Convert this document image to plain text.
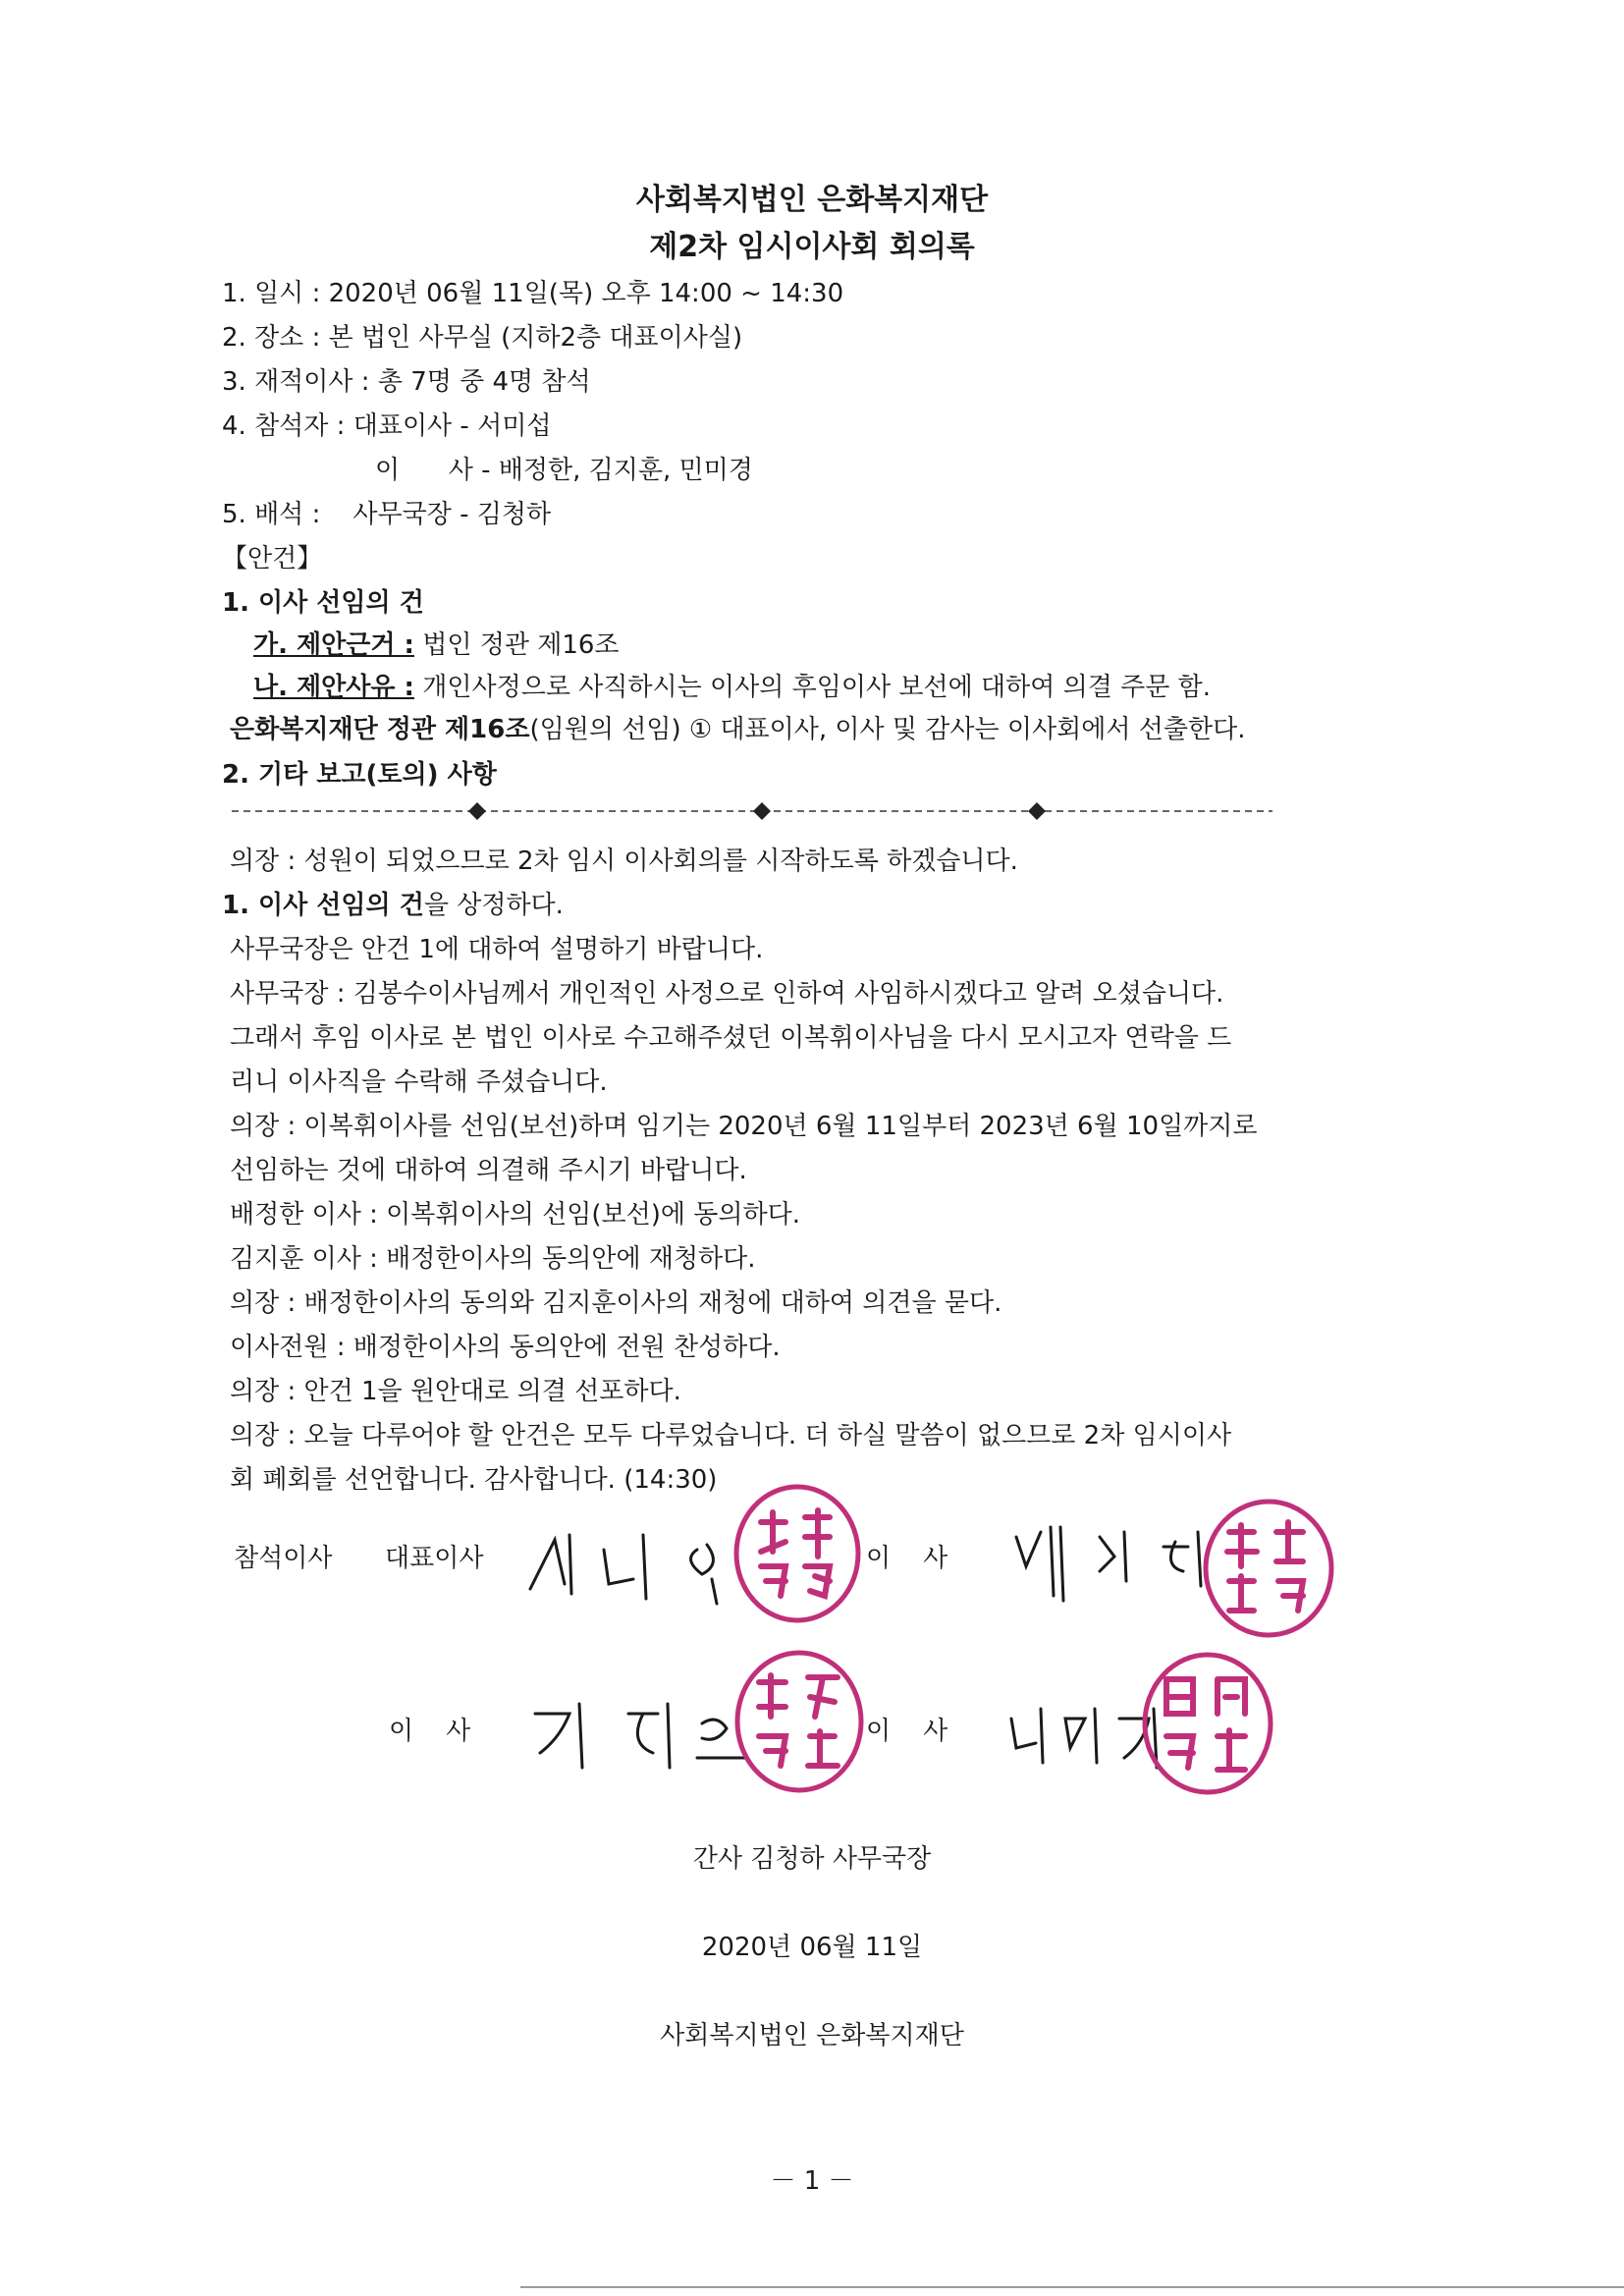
사회복지법인 은화복지재단
제2차 임시이사회 회의록
1. 일시 : 2020년 06월 11일(목) 오후 14:00 ~ 14:30
2. 장소 : 본 법인 사무실 (지하2층 대표이사실)
3. 재적이사 : 총 7명 중 4명 참석
4. 참석자 : 대표이사 - 서미섭
이      사 - 배정한, 김지훈, 민미경
5. 배석 :    사무국장 - 김청하
【안건】
1. 이사 선임의 건
가. 제안근거 : 법인 정관 제16조
나. 제안사유 : 개인사정으로 사직하시는 이사의 후임이사 보선에 대하여 의결 주문 함.
은화복지재단 정관 제16조(임원의 선임) ① 대표이사, 이사 및 감사는 이사회에서 선출한다.
2. 기타 보고(토의) 사항
의장 : 성원이 되었으므로 2차 임시 이사회의를 시작하도록 하겠습니다.
1. 이사 선임의 건을 상정하다.
사무국장은 안건 1에 대하여 설명하기 바랍니다.
사무국장 : 김봉수이사님께서 개인적인 사정으로 인하여 사임하시겠다고 알려 오셨습니다.
그래서 후임 이사로 본 법인 이사로 수고해주셨던 이복휘이사님을 다시 모시고자 연락을 드
리니 이사직을 수락해 주셨습니다.
의장 : 이복휘이사를 선임(보선)하며 임기는 2020년 6월 11일부터 2023년 6월 10일까지로
선임하는 것에 대하여 의결해 주시기 바랍니다.
배정한 이사 : 이복휘이사의 선임(보선)에 동의하다.
김지훈 이사 : 배정한이사의 동의안에 재청하다.
의장 : 배정한이사의 동의와 김지훈이사의 재청에 대하여 의견을 묻다.
이사전원 : 배정한이사의 동의안에 전원 찬성하다.
의장 : 안건 1을 원안대로 의결 선포하다.
의장 : 오늘 다루어야 할 안건은 모두 다루었습니다. 더 하실 말씀이 없으므로 2차 임시이사
회 폐회를 선언합니다. 감사합니다. (14:30)
참석이사 대표이사	이    사
이    사	이    사
간사 김청하 사무국장
2020년 06월 11일
사회복지법인 은화복지재단
－ 1 －
